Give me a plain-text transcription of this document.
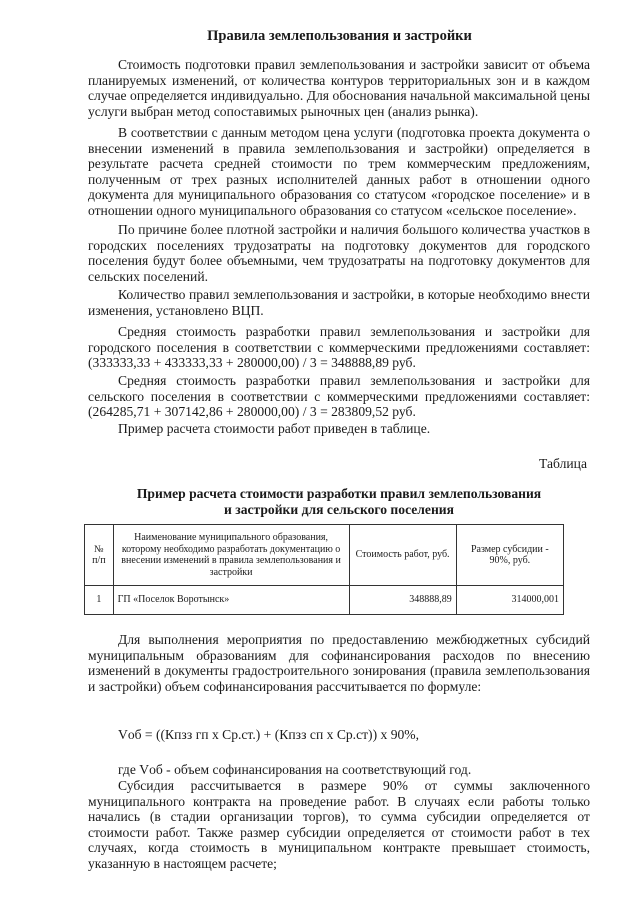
Правила землепользования и застройки

Стоимость подготовки правил землепользования и застройки зависит от объема планируемых изменений, от количества контуров территориальных зон и в каждом случае определяется индивидуально. Для обоснования начальной максимальной цены услуги выбран метод сопоставимых рыночных цен (анализ рынка).

В соответствии с данным методом цена услуги (подготовка проекта документа о внесении изменений в правила землепользования и застройки) определяется в результате расчета средней стоимости по трем коммерческим предложениям, полученным от трех разных исполнителей данных работ в отношении одного документа для муниципального образования со статусом «городское поселение» и в отношении одного муниципального образования со статусом «сельское поселение».

По причине более плотной застройки и наличия большого количества участков в городских поселениях трудозатраты на подготовку документов для городского поселения будут более объемными, чем трудозатраты на подготовку документов для сельских поселений.

Количество правил землепользования и застройки, в которые необходимо внести изменения, установлено ВЦП.

Средняя стоимость разработки правил землепользования и застройки для городского поселения в соответствии с коммерческими предложениями составляет: (333333,33 + 433333,33 + 280000,00) / 3 = 348888,89 руб.

Средняя стоимость разработки правил землепользования и застройки для сельского поселения в соответствии с коммерческими предложениями составляет: (264285,71 + 307142,86 + 280000,00) / 3 = 283809,52 руб.

Пример расчета стоимости работ приведен в таблице.

Таблица
Пример расчета стоимости разработки правил землепользования
и застройки для сельского поселения
№ п/п	Наименование муниципального образования, которому необходимо разработать документацию о внесении изменений в правила землепользования и застройки	Стоимость работ, руб.	Размер субсидии - 90%, руб.
1	ГП «Поселок Воротынск»	348888,89	314000,001

Для выполнения мероприятия по предоставлению межбюджетных субсидий муниципальным образованиям для софинансирования расходов по внесению изменений в документы градостроительного зонирования (правила землепользования и застройки) объем софинансирования рассчитывается по формуле:

Vоб = ((Кпзз гп х Ср.ст.) + (Кпзз сп х Ср.ст)) х 90%,

где Vоб - объем софинансирования на соответствующий год.

Субсидия рассчитывается в размере 90% от суммы заключенного муниципального контракта на проведение работ. В случаях если работы только начались (в стадии организации торгов), то сумма субсидии определяется от стоимости работ. Также размер субсидии определяется от стоимости работ в тех случаях, когда стоимость в муниципальном контракте превышает стоимость, указанную в настоящем расчете;
